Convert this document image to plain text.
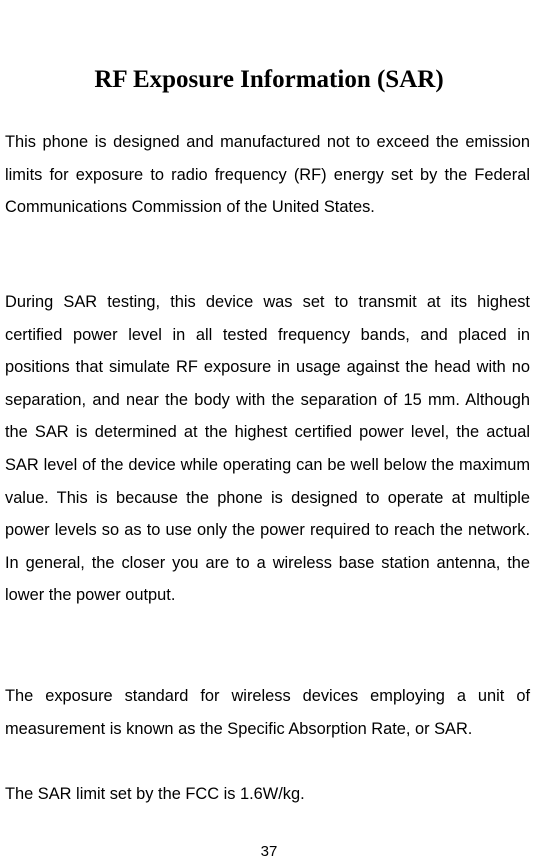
RF Exposure Information (SAR)

This phone is designed and manufactured not to exceed the emission limits for exposure to radio frequency (RF) energy set by the Federal Communications Commission of the United States.

During SAR testing, this device was set to transmit at its highest certified power level in all tested frequency bands, and placed in positions that simulate RF exposure in usage against the head with no separation, and near the body with the separation of 15 mm. Although the SAR is determined at the highest certified power level, the actual SAR level of the device while operating can be well below the maximum value. This is because the phone is designed to operate at multiple power levels so as to use only the power required to reach the network. In general, the closer you are to a wireless base station antenna, the lower the power output.

The exposure standard for wireless devices employing a unit of measurement is known as the Specific Absorption Rate, or SAR.

The SAR limit set by the FCC is 1.6W/kg.

37
